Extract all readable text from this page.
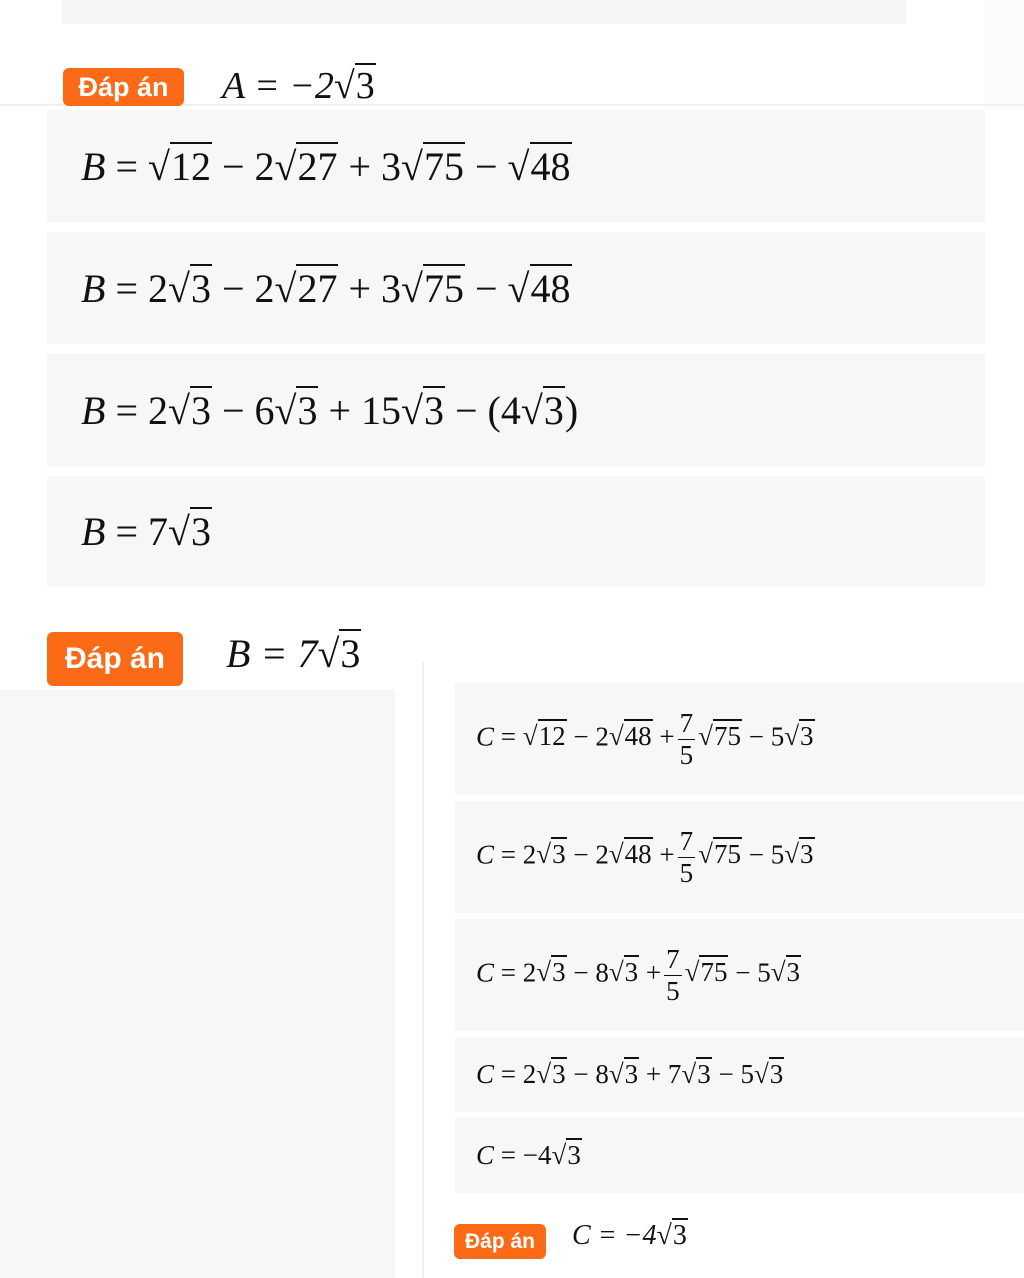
Đáp án A = −2√3
B = √12 − 2√27 + 3√75 − √48
B = 2√3 − 2√27 + 3√75 − √48
B = 2√3 − 6√3 + 15√3 − (4√3)
B = 7√3
Đáp án B = 7√3
$C = √12 - 2√48 + \frac{7}{5} √75 - 5√3$
$C = 2√3 - 2√48 + \frac{7}{5} √75 - 5√3$
$C = 2√3 - 8√3 + \frac{7}{5} √75 - 5√3$
C = 2√3 − 8√3 + 7√3 − 5√3
C = −4√3
Đáp án C = −4√3
